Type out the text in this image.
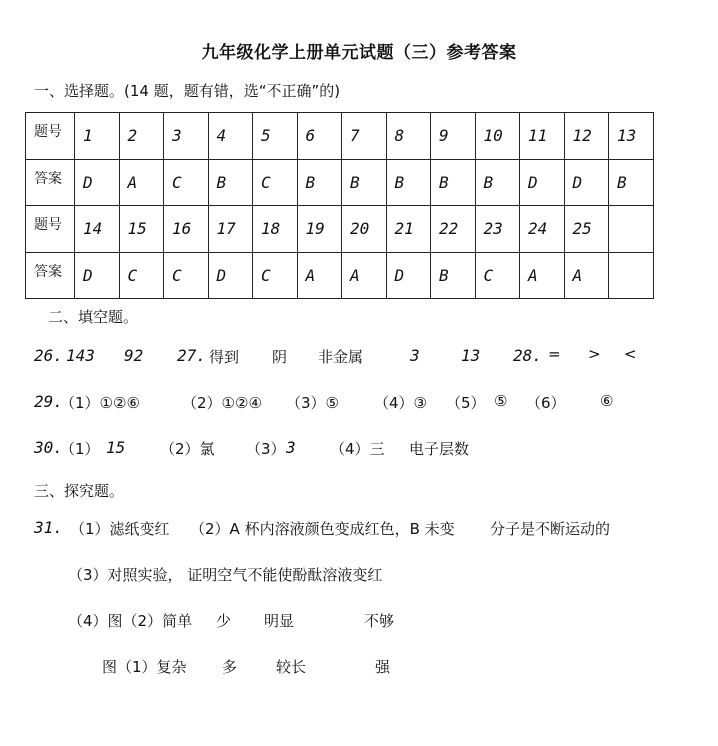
九年级化学上册单元试题（三）参考答案
一、选择题。(14 题，题有错，选“不正确”的)
题号	1	2	3	4	5	6	7	8	9	10	11	12	13
答案	D	A	C	B	C	B	B	B	B	B	D	D	B
题号	14	15	16	17	18	19	20	21	22	23	24	25	
答案	D	C	C	D	C	A	A	D	B	C	A	A	
二、填空题。
26. 143 92 27. 得到 阴 非金属	3	13 28. = > <
29.
（1）①②⑥	（2）①②④ （3）⑤ （4）③ （5） ⑤ （6） ⑥
30.
（1） 15 （2）氯 （3） 3 （4）三 电子层数
三、探究题。
31. （1）滤纸变红 （2）A 杯内溶液颜色变成红色，B 未变 分子是不断运动的
（3）对照实验， 证明空气不能使酚酞溶液变红
（4）图（2）简单 少 明显	不够
图（1）复杂 多	较长	强
